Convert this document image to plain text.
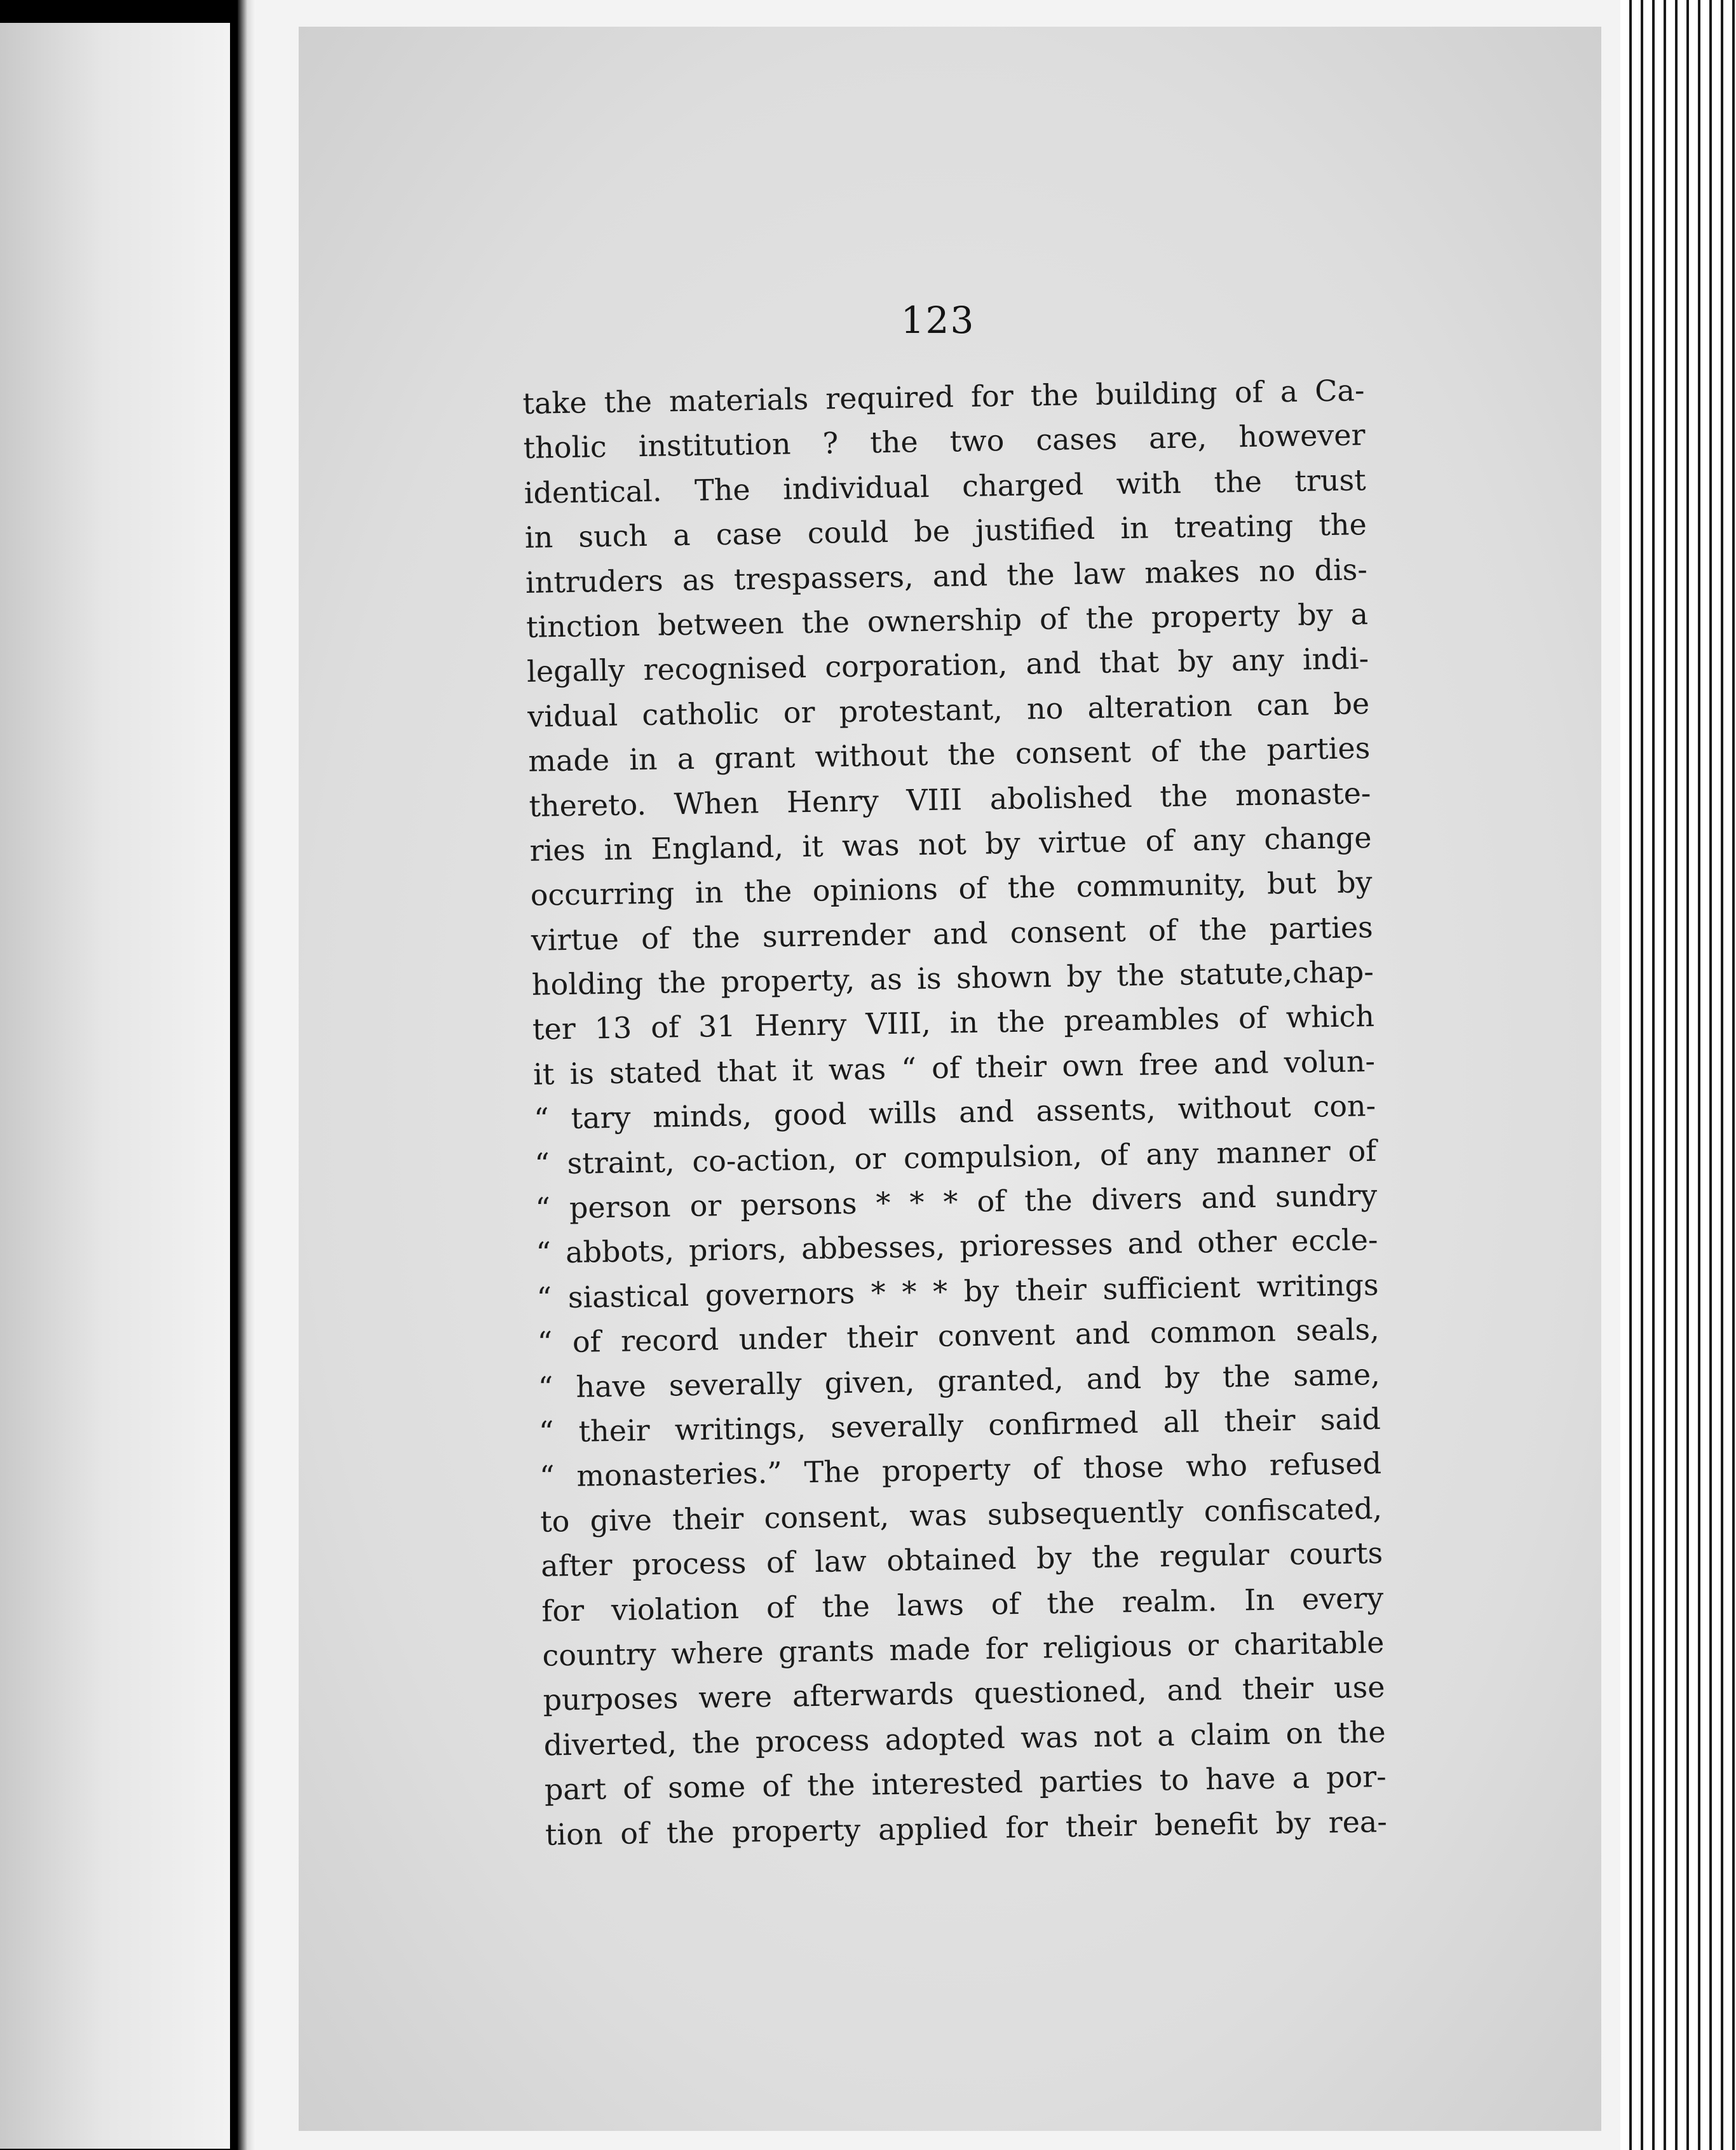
123
take the materials required for the building of a Ca-
tholic institution ? the two cases are, however
identical. The individual charged with the trust
in such a case could be justified in treating the
intruders as trespassers, and the law makes no dis-
tinction between the ownership of the property by a
legally recognised corporation, and that by any indi-
vidual catholic or protestant, no alteration can be
made in a grant without the consent of the parties
thereto. When Henry VIII abolished the monaste-
ries in England, it was not by virtue of any change
occurring in the opinions of the community, but by
virtue of the surrender and consent of the parties
holding the property, as is shown by the statute,chap-
ter 13 of 31 Henry VIII, in the preambles of which
it is stated that it was “ of their own free and volun-
“ tary minds, good wills and assents, without con-
“ straint, co-action, or compulsion, of any manner of
“ person or persons * * * of the divers and sundry
“ abbots, priors, abbesses, prioresses and other eccle-
“ siastical governors * * * by their sufficient writings
“ of record under their convent and common seals,
“ have severally given, granted, and by the same,
“ their writings, severally confirmed all their said
“ monasteries.” The property of those who refused
to give their consent, was subsequently confiscated,
after process of law obtained by the regular courts
for violation of the laws of the realm. In every
country where grants made for religious or charitable
purposes were afterwards questioned, and their use
diverted, the process adopted was not a claim on the
part of some of the interested parties to have a por-
tion of the property applied for their benefit by rea-
